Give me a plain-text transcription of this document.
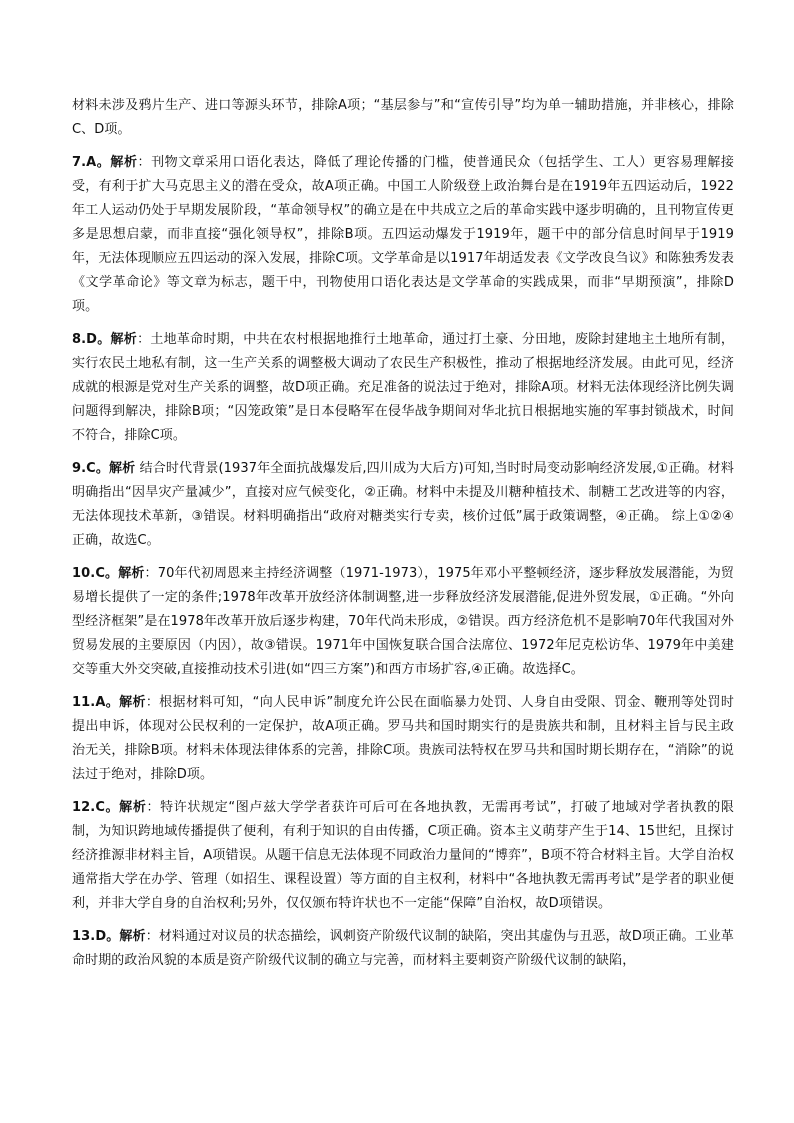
材料未涉及鸦片生产、进口等源头环节，排除A项；“基层参与”和“宣传引导”均为单一辅助措施，并非核心，排除C、D项。

7.A。解析：刊物文章采用口语化表达，降低了理论传播的门槛，使普通民众（包括学生、工人）更容易理解接受，有利于扩大马克思主义的潜在受众，故A项正确。中国工人阶级登上政治舞台是在1919年五四运动后，1922年工人运动仍处于早期发展阶段，“革命领导权”的确立是在中共成立之后的革命实践中逐步明确的，且刊物宣传更多是思想启蒙，而非直接“强化领导权”，排除B项。五四运动爆发于1919年，题干中的部分信息时间早于1919年，无法体现顺应五四运动的深入发展，排除C项。文学革命是以1917年胡适发表《文学改良刍议》和陈独秀发表《文学革命论》等文章为标志，题干中，刊物使用口语化表达是文学革命的实践成果，而非“早期预演”，排除D项。

8.D。解析：土地革命时期，中共在农村根据地推行土地革命，通过打土豪、分田地，废除封建地主土地所有制，实行农民土地私有制，这一生产关系的调整极大调动了农民生产积极性，推动了根据地经济发展。由此可见，经济成就的根源是党对生产关系的调整，故D项正确。充足准备的说法过于绝对，排除A项。材料无法体现经济比例失调问题得到解决，排除B项；“囚笼政策”是日本侵略军在侵华战争期间对华北抗日根据地实施的军事封锁战术，时间不符合，排除C项。

9.C。解析 结合时代背景(1937年全面抗战爆发后,四川成为大后方)可知,当时时局变动影响经济发展,①正确。材料明确指出“因旱灾产量减少”，直接对应气候变化，②正确。材料中未提及川糖种植技术、制糖工艺改进等的内容，无法体现技术革新，③错误。材料明确指出“政府对糖类实行专卖，核价过低”属于政策调整，④正确。 综上①②④正确，故选C。

10.C。解析：70年代初周恩来主持经济调整（1971-1973），1975年邓小平整顿经济，逐步释放发展潜能，为贸易增长提供了一定的条件;1978年改革开放经济体制调整,进一步释放经济发展潜能,促进外贸发展，①正确。“外向型经济框架”是在1978年改革开放后逐步构建，70年代尚未形成，②错误。西方经济危机不是影响70年代我国对外贸易发展的主要原因（内因），故③错误。1971年中国恢复联合国合法席位、1972年尼克松访华、1979年中美建交等重大外交突破,直接推动技术引进(如“四三方案”)和西方市场扩容,④正确。故选择C。

11.A。解析：根据材料可知，“向人民申诉”制度允许公民在面临暴力处罚、人身自由受限、罚金、鞭刑等处罚时提出申诉，体现对公民权利的一定保护，故A项正确。罗马共和国时期实行的是贵族共和制，且材料主旨与民主政治无关，排除B项。材料未体现法律体系的完善，排除C项。贵族司法特权在罗马共和国时期长期存在，“消除”的说法过于绝对，排除D项。

12.C。解析：特许状规定“图卢兹大学学者获许可后可在各地执教，无需再考试”，打破了地域对学者执教的限制，为知识跨地域传播提供了便利，有利于知识的自由传播，C项正确。资本主义萌芽产生于14、15世纪，且探讨经济推源非材料主旨，A项错误。从题干信息无法体现不同政治力量间的“博弈”，B项不符合材料主旨。大学自治权通常指大学在办学、管理（如招生、课程设置）等方面的自主权利，材料中“各地执教无需再考试”是学者的职业便利，并非大学自身的自治权利;另外，仅仅颁布特许状也不一定能“保障”自治权，故D项错误。

13.D。解析：材料通过对议员的状态描绘，讽刺资产阶级代议制的缺陷，突出其虚伪与丑恶，故D项正确。工业革命时期的政治风貌的本质是资产阶级代议制的确立与完善，而材料主要刺资产阶级代议制的缺陷，
